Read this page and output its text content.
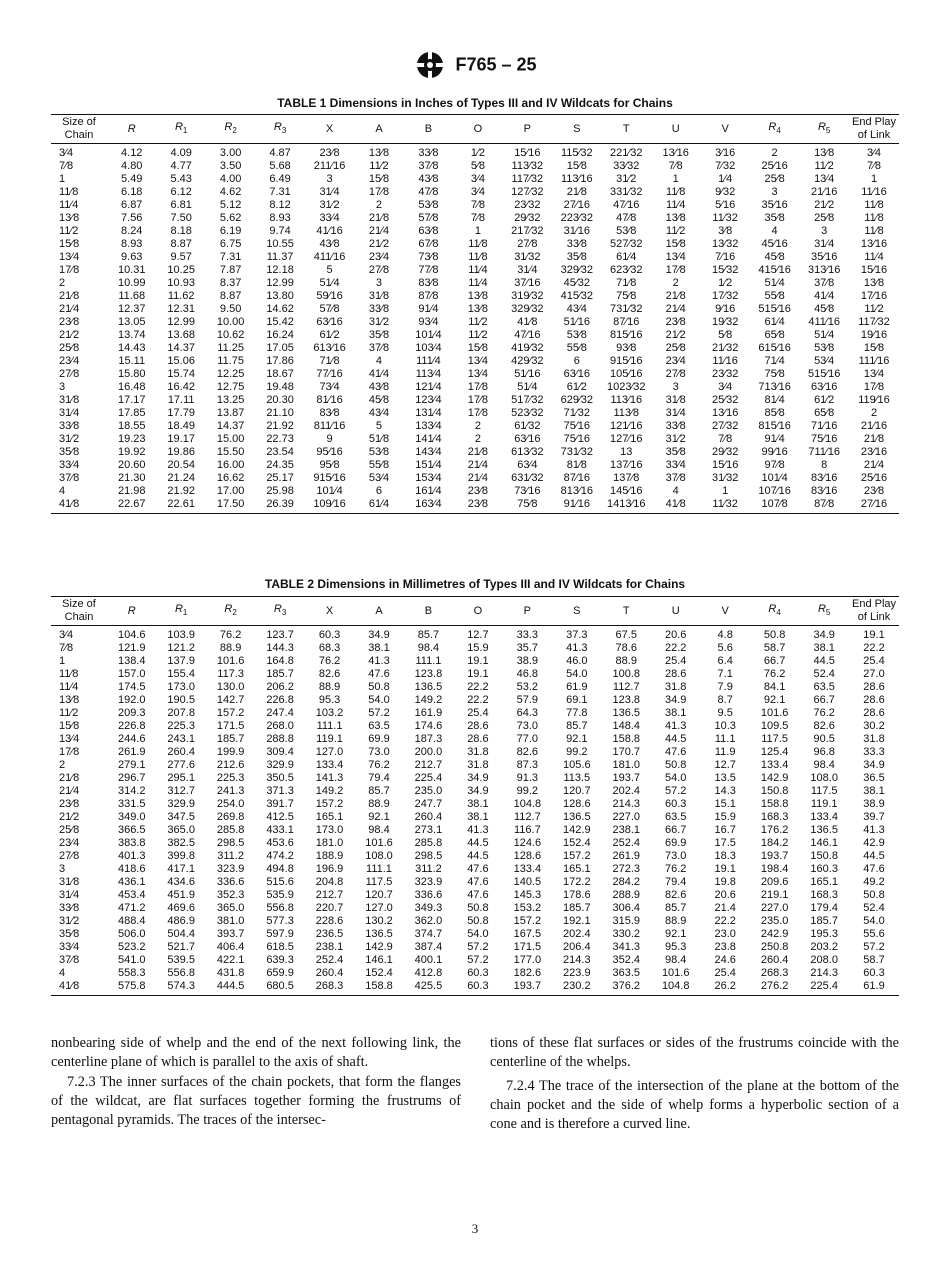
F765 – 25
TABLE 1 Dimensions in Inches of Types III and IV Wildcats for Chains
Size of
Chain	R	$R_1$	$R_2$	$R_3$	X	A	B	O	P	S	T	U	V	$R_4$	$R_5$	End Play
of Link
3⁄4	4.12	4.09	3.00	4.87	23⁄8	13⁄8	33⁄8	1⁄2	15⁄16	115⁄32	221⁄32	13⁄16	3⁄16	2	13⁄8	3⁄4
7⁄8	4.80	4.77	3.50	5.68	211⁄16	11⁄2	37⁄8	5⁄8	113⁄32	15⁄8	33⁄32	7⁄8	7⁄32	25⁄16	11⁄2	7⁄8
1	5.49	5.43	4.00	6.49	3	15⁄8	43⁄8	3⁄4	117⁄32	113⁄16	31⁄2	1	1⁄4	25⁄8	13⁄4	1
11⁄8	6.18	6.12	4.62	7.31	31⁄4	17⁄8	47⁄8	3⁄4	127⁄32	21⁄8	331⁄32	11⁄8	9⁄32	3	21⁄16	11⁄16
11⁄4	6.87	6.81	5.12	8.12	31⁄2	2	53⁄8	7⁄8	23⁄32	27⁄16	47⁄16	11⁄4	5⁄16	35⁄16	21⁄2	11⁄8
13⁄8	7.56	7.50	5.62	8.93	33⁄4	21⁄8	57⁄8	7⁄8	29⁄32	223⁄32	47⁄8	13⁄8	11⁄32	35⁄8	25⁄8	11⁄8
11⁄2	8.24	8.18	6.19	9.74	41⁄16	21⁄4	63⁄8	1	217⁄32	31⁄16	53⁄8	11⁄2	3⁄8	4	3	11⁄8
15⁄8	8.93	8.87	6.75	10.55	43⁄8	21⁄2	67⁄8	11⁄8	27⁄8	33⁄8	527⁄32	15⁄8	13⁄32	45⁄16	31⁄4	13⁄16
13⁄4	9.63	9.57	7.31	11.37	411⁄16	23⁄4	73⁄8	11⁄8	31⁄32	35⁄8	61⁄4	13⁄4	7⁄16	45⁄8	35⁄16	11⁄4
17⁄8	10.31	10.25	7.87	12.18	5	27⁄8	77⁄8	11⁄4	31⁄4	329⁄32	623⁄32	17⁄8	15⁄32	415⁄16	313⁄16	15⁄16
2	10.99	10.93	8.37	12.99	51⁄4	3	83⁄8	11⁄4	37⁄16	45⁄32	71⁄8	2	1⁄2	51⁄4	37⁄8	13⁄8
21⁄8	11.68	11.62	8.87	13.80	59⁄16	31⁄8	87⁄8	13⁄8	319⁄32	415⁄32	75⁄8	21⁄8	17⁄32	55⁄8	41⁄4	17⁄16
21⁄4	12.37	12.31	9.50	14.62	57⁄8	33⁄8	91⁄4	13⁄8	329⁄32	43⁄4	731⁄32	21⁄4	9⁄16	515⁄16	45⁄8	11⁄2
23⁄8	13.05	12.99	10.00	15.42	63⁄16	31⁄2	93⁄4	11⁄2	41⁄8	51⁄16	87⁄16	23⁄8	19⁄32	61⁄4	411⁄16	117⁄32
21⁄2	13.74	13.68	10.62	16.24	61⁄2	35⁄8	101⁄4	11⁄2	47⁄16	53⁄8	815⁄16	21⁄2	5⁄8	65⁄8	51⁄4	19⁄16
25⁄8	14.43	14.37	11.25	17.05	613⁄16	37⁄8	103⁄4	15⁄8	419⁄32	55⁄8	93⁄8	25⁄8	21⁄32	615⁄16	53⁄8	15⁄8
23⁄4	15.11	15.06	11.75	17.86	71⁄8	4	111⁄4	13⁄4	429⁄32	6	915⁄16	23⁄4	11⁄16	71⁄4	53⁄4	111⁄16
27⁄8	15.80	15.74	12.25	18.67	77⁄16	41⁄4	113⁄4	13⁄4	51⁄16	63⁄16	105⁄16	27⁄8	23⁄32	75⁄8	515⁄16	13⁄4
3	16.48	16.42	12.75	19.48	73⁄4	43⁄8	121⁄4	17⁄8	51⁄4	61⁄2	1023⁄32	3	3⁄4	713⁄16	63⁄16	17⁄8
31⁄8	17.17	17.11	13.25	20.30	81⁄16	45⁄8	123⁄4	17⁄8	517⁄32	629⁄32	113⁄16	31⁄8	25⁄32	81⁄4	61⁄2	119⁄16
31⁄4	17.85	17.79	13.87	21.10	83⁄8	43⁄4	131⁄4	17⁄8	523⁄32	71⁄32	113⁄8	31⁄4	13⁄16	85⁄8	65⁄8	2
33⁄8	18.55	18.49	14.37	21.92	811⁄16	5	133⁄4	2	61⁄32	75⁄16	121⁄16	33⁄8	27⁄32	815⁄16	71⁄16	21⁄16
31⁄2	19.23	19.17	15.00	22.73	9	51⁄8	141⁄4	2	63⁄16	75⁄16	127⁄16	31⁄2	7⁄8	91⁄4	75⁄16	21⁄8
35⁄8	19.92	19.86	15.50	23.54	95⁄16	53⁄8	143⁄4	21⁄8	613⁄32	731⁄32	13	35⁄8	29⁄32	99⁄16	711⁄16	23⁄16
33⁄4	20.60	20.54	16.00	24.35	95⁄8	55⁄8	151⁄4	21⁄4	63⁄4	81⁄8	137⁄16	33⁄4	15⁄16	97⁄8	8	21⁄4
37⁄8	21.30	21.24	16.62	25.17	915⁄16	53⁄4	153⁄4	21⁄4	631⁄32	87⁄16	137⁄8	37⁄8	31⁄32	101⁄4	83⁄16	25⁄16
4	21.98	21.92	17.00	25.98	101⁄4	6	161⁄4	23⁄8	73⁄16	813⁄16	145⁄16	4	1	107⁄16	83⁄16	23⁄8
41⁄8	22.67	22.61	17.50	26.39	109⁄16	61⁄4	163⁄4	23⁄8	75⁄8	91⁄16	1413⁄16	41⁄8	11⁄32	107⁄8	87⁄8	27⁄16
TABLE 2 Dimensions in Millimetres of Types III and IV Wildcats for Chains
Size of
Chain	R	$R_1$	$R_2$	$R_3$	X	A	B	O	P	S	T	U	V	$R_4$	$R_5$	End Play
of Link
3⁄4	104.6	103.9	76.2	123.7	60.3	34.9	85.7	12.7	33.3	37.3	67.5	20.6	4.8	50.8	34.9	19.1
7⁄8	121.9	121.2	88.9	144.3	68.3	38.1	98.4	15.9	35.7	41.3	78.6	22.2	5.6	58.7	38.1	22.2
1	138.4	137.9	101.6	164.8	76.2	41.3	111.1	19.1	38.9	46.0	88.9	25.4	6.4	66.7	44.5	25.4
11⁄8	157.0	155.4	117.3	185.7	82.6	47.6	123.8	19.1	46.8	54.0	100.8	28.6	7.1	76.2	52.4	27.0
11⁄4	174.5	173.0	130.0	206.2	88.9	50.8	136.5	22.2	53.2	61.9	112.7	31.8	7.9	84.1	63.5	28.6
13⁄8	192.0	190.5	142.7	226.8	95.3	54.0	149.2	22.2	57.9	69.1	123.8	34.9	8.7	92.1	66.7	28.6
11⁄2	209.3	207.8	157.2	247.4	103.2	57.2	161.9	25.4	64.3	77.8	136.5	38.1	9.5	101.6	76.2	28.6
15⁄8	226.8	225.3	171.5	268.0	111.1	63.5	174.6	28.6	73.0	85.7	148.4	41.3	10.3	109.5	82.6	30.2
13⁄4	244.6	243.1	185.7	288.8	119.1	69.9	187.3	28.6	77.0	92.1	158.8	44.5	11.1	117.5	90.5	31.8
17⁄8	261.9	260.4	199.9	309.4	127.0	73.0	200.0	31.8	82.6	99.2	170.7	47.6	11.9	125.4	96.8	33.3
2	279.1	277.6	212.6	329.9	133.4	76.2	212.7	31.8	87.3	105.6	181.0	50.8	12.7	133.4	98.4	34.9
21⁄8	296.7	295.1	225.3	350.5	141.3	79.4	225.4	34.9	91.3	113.5	193.7	54.0	13.5	142.9	108.0	36.5
21⁄4	314.2	312.7	241.3	371.3	149.2	85.7	235.0	34.9	99.2	120.7	202.4	57.2	14.3	150.8	117.5	38.1
23⁄8	331.5	329.9	254.0	391.7	157.2	88.9	247.7	38.1	104.8	128.6	214.3	60.3	15.1	158.8	119.1	38.9
21⁄2	349.0	347.5	269.8	412.5	165.1	92.1	260.4	38.1	112.7	136.5	227.0	63.5	15.9	168.3	133.4	39.7
25⁄8	366.5	365.0	285.8	433.1	173.0	98.4	273.1	41.3	116.7	142.9	238.1	66.7	16.7	176.2	136.5	41.3
23⁄4	383.8	382.5	298.5	453.6	181.0	101.6	285.8	44.5	124.6	152.4	252.4	69.9	17.5	184.2	146.1	42.9
27⁄8	401.3	399.8	311.2	474.2	188.9	108.0	298.5	44.5	128.6	157.2	261.9	73.0	18.3	193.7	150.8	44.5
3	418.6	417.1	323.9	494.8	196.9	111.1	311.2	47.6	133.4	165.1	272.3	76.2	19.1	198.4	160.3	47.6
31⁄8	436.1	434.6	336.6	515.6	204.8	117.5	323.9	47.6	140.5	172.2	284.2	79.4	19.8	209.6	165.1	49.2
31⁄4	453.4	451.9	352.3	535.9	212.7	120.7	336.6	47.6	145.3	178.6	288.9	82.6	20.6	219.1	168.3	50.8
33⁄8	471.2	469.6	365.0	556.8	220.7	127.0	349.3	50.8	153.2	185.7	306.4	85.7	21.4	227.0	179.4	52.4
31⁄2	488.4	486.9	381.0	577.3	228.6	130.2	362.0	50.8	157.2	192.1	315.9	88.9	22.2	235.0	185.7	54.0
35⁄8	506.0	504.4	393.7	597.9	236.5	136.5	374.7	54.0	167.5	202.4	330.2	92.1	23.0	242.9	195.3	55.6
33⁄4	523.2	521.7	406.4	618.5	238.1	142.9	387.4	57.2	171.5	206.4	341.3	95.3	23.8	250.8	203.2	57.2
37⁄8	541.0	539.5	422.1	639.3	252.4	146.1	400.1	57.2	177.0	214.3	352.4	98.4	24.6	260.4	208.0	58.7
4	558.3	556.8	431.8	659.9	260.4	152.4	412.8	60.3	182.6	223.9	363.5	101.6	25.4	268.3	214.3	60.3
41⁄8	575.8	574.3	444.5	680.5	268.3	158.8	425.5	60.3	193.7	230.2	376.2	104.8	26.2	276.2	225.4	61.9

nonbearing side of whelp and the end of the next following link, the centerline plane of which is parallel to the axis of shaft.

7.2.3 The inner surfaces of the chain pockets, that form the flanges of the wildcat, are flat surfaces together forming the frustrums of pentagonal pyramids. The traces of the intersec-

tions of these flat surfaces or sides of the frustrums coincide with the centerline of the whelps.

7.2.4 The trace of the intersection of the plane at the bottom of the chain pocket and the side of whelp forms a hyperbolic section of a cone and is therefore a curved line.

3
